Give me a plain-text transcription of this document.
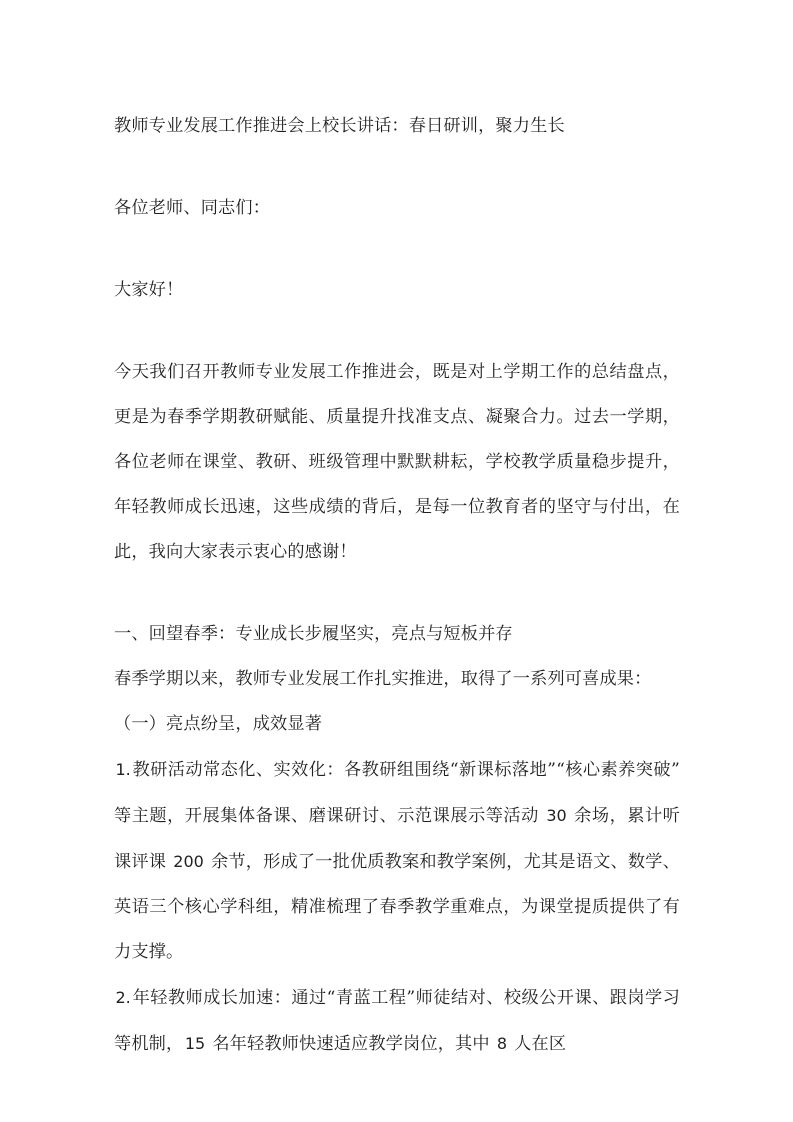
教师专业发展工作推进会上校长讲话：春日研训，聚力生长

各位老师、同志们：

大家好！

今天我们召开教师专业发展工作推进会，既是对上学期工作的总结盘点，更是为春季学期教研赋能、质量提升找准支点、凝聚合力。过去一学期，各位老师在课堂、教研、班级管理中默默耕耘，学校教学质量稳步提升，年轻教师成长迅速，这些成绩的背后，是每一位教育者的坚守与付出，在此，我向大家表示衷心的感谢！

一、回望春季：专业成长步履坚实，亮点与短板并存

春季学期以来，教师专业发展工作扎实推进，取得了一系列可喜成果：

（一）亮点纷呈，成效显著

1.教研活动常态化、实效化：各教研组围绕“新课标落地”“核心素养突破”等主题，开展集体备课、磨课研讨、示范课展示等活动 30 余场，累计听课评课 200 余节，形成了一批优质教案和教学案例，尤其是语文、数学、英语三个核心学科组，精准梳理了春季教学重难点，为课堂提质提供了有力支撑。

2.年轻教师成长加速：通过“青蓝工程”师徒结对、校级公开课、跟岗学习等机制，15 名年轻教师快速适应教学岗位，其中 8 人在区
